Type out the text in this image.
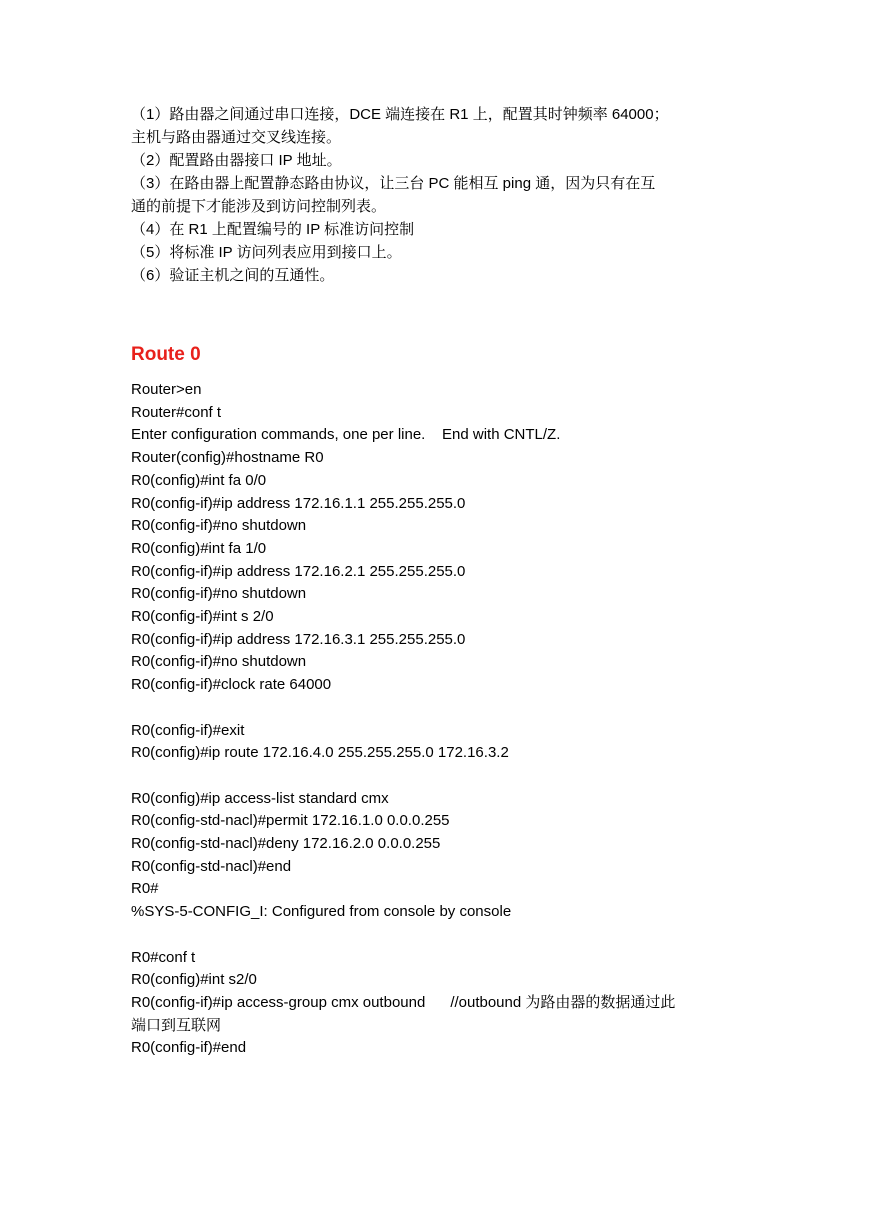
（1）路由器之间通过串口连接，DCE 端连接在 R1 上，配置其时钟频率 64000；

主机与路由器通过交叉线连接。

（2）配置路由器接口 IP 地址。

（3）在路由器上配置静态路由协议，让三台 PC 能相互 ping 通，因为只有在互

通的前提下才能涉及到访问控制列表。

（4）在 R1 上配置编号的 IP 标准访问控制

（5）将标准 IP 访问列表应用到接口上。

（6）验证主机之间的互通性。

Route 0

Router>en

Router#conf t

Enter configuration commands, one per line.    End with CNTL/Z.

Router(config)#hostname R0

R0(config)#int fa 0/0

R0(config-if)#ip address 172.16.1.1 255.255.255.0

R0(config-if)#no shutdown

R0(config)#int fa 1/0

R0(config-if)#ip address 172.16.2.1 255.255.255.0

R0(config-if)#no shutdown

R0(config-if)#int s 2/0

R0(config-if)#ip address 172.16.3.1 255.255.255.0

R0(config-if)#no shutdown

R0(config-if)#clock rate 64000

R0(config-if)#exit

R0(config)#ip route 172.16.4.0 255.255.255.0 172.16.3.2

R0(config)#ip access-list standard cmx

R0(config-std-nacl)#permit 172.16.1.0 0.0.0.255

R0(config-std-nacl)#deny 172.16.2.0 0.0.0.255

R0(config-std-nacl)#end

R0#

%SYS-5-CONFIG_I: Configured from console by console

R0#conf t

R0(config)#int s2/0

R0(config-if)#ip access-group cmx outbound      //outbound 为路由器的数据通过此

端口到互联网

R0(config-if)#end
